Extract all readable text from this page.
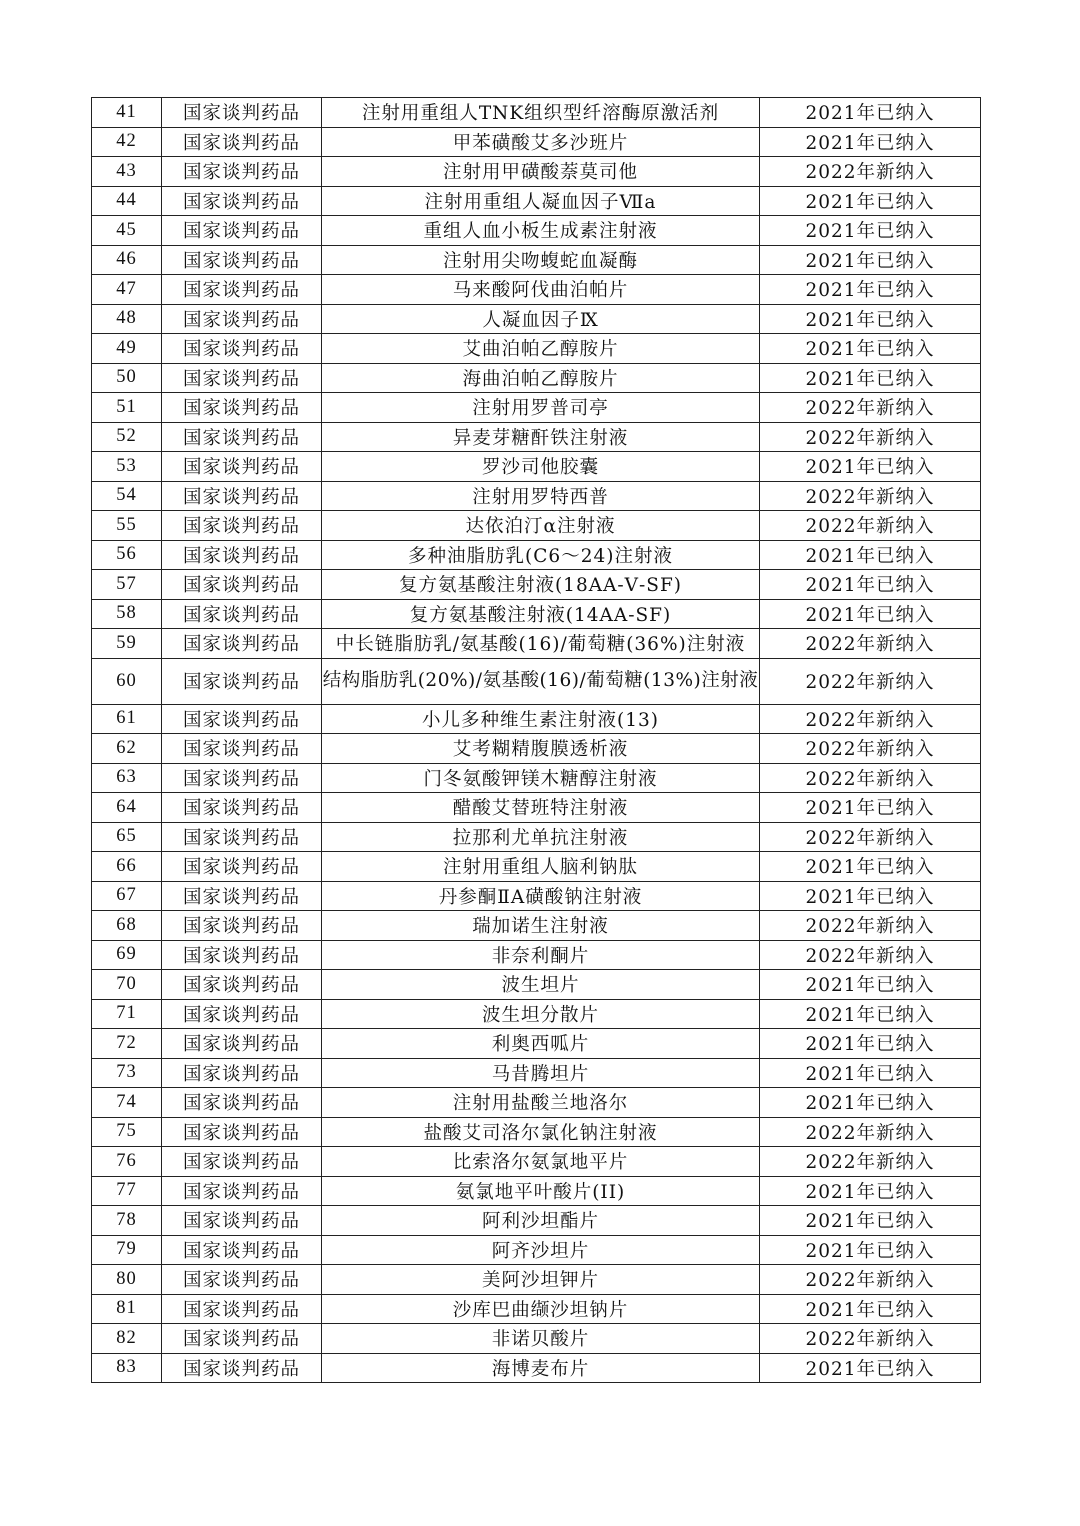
41	国家谈判药品	注射用重组人TNK组织型纤溶酶原激活剂	2021年已纳入
42	国家谈判药品	甲苯磺酸艾多沙班片	2021年已纳入
43	国家谈判药品	注射用甲磺酸萘莫司他	2022年新纳入
44	国家谈判药品	注射用重组人凝血因子Ⅶa	2021年已纳入
45	国家谈判药品	重组人血小板生成素注射液	2021年已纳入
46	国家谈判药品	注射用尖吻蝮蛇血凝酶	2021年已纳入
47	国家谈判药品	马来酸阿伐曲泊帕片	2021年已纳入
48	国家谈判药品	人凝血因子Ⅸ	2021年已纳入
49	国家谈判药品	艾曲泊帕乙醇胺片	2021年已纳入
50	国家谈判药品	海曲泊帕乙醇胺片	2021年已纳入
51	国家谈判药品	注射用罗普司亭	2022年新纳入
52	国家谈判药品	异麦芽糖酐铁注射液	2022年新纳入
53	国家谈判药品	罗沙司他胶囊	2021年已纳入
54	国家谈判药品	注射用罗特西普	2022年新纳入
55	国家谈判药品	达依泊汀α注射液	2022年新纳入
56	国家谈判药品	多种油脂肪乳(C6～24)注射液	2021年已纳入
57	国家谈判药品	复方氨基酸注射液(18AA-Ⅴ-SF)	2021年已纳入
58	国家谈判药品	复方氨基酸注射液(14AA-SF)	2021年已纳入
59	国家谈判药品	中长链脂肪乳/氨基酸(16)/葡萄糖(36%)注射液	2022年新纳入
60	国家谈判药品	结构脂肪乳(20%)/氨基酸(16)/葡萄糖(13%)注射液	2022年新纳入
61	国家谈判药品	小儿多种维生素注射液(13)	2022年新纳入
62	国家谈判药品	艾考糊精腹膜透析液	2022年新纳入
63	国家谈判药品	门冬氨酸钾镁木糖醇注射液	2022年新纳入
64	国家谈判药品	醋酸艾替班特注射液	2021年已纳入
65	国家谈判药品	拉那利尤单抗注射液	2022年新纳入
66	国家谈判药品	注射用重组人脑利钠肽	2021年已纳入
67	国家谈判药品	丹参酮ⅡA磺酸钠注射液	2021年已纳入
68	国家谈判药品	瑞加诺生注射液	2022年新纳入
69	国家谈判药品	非奈利酮片	2022年新纳入
70	国家谈判药品	波生坦片	2021年已纳入
71	国家谈判药品	波生坦分散片	2021年已纳入
72	国家谈判药品	利奥西呱片	2021年已纳入
73	国家谈判药品	马昔腾坦片	2021年已纳入
74	国家谈判药品	注射用盐酸兰地洛尔	2021年已纳入
75	国家谈判药品	盐酸艾司洛尔氯化钠注射液	2022年新纳入
76	国家谈判药品	比索洛尔氨氯地平片	2022年新纳入
77	国家谈判药品	氨氯地平叶酸片(II)	2021年已纳入
78	国家谈判药品	阿利沙坦酯片	2021年已纳入
79	国家谈判药品	阿齐沙坦片	2021年已纳入
80	国家谈判药品	美阿沙坦钾片	2022年新纳入
81	国家谈判药品	沙库巴曲缬沙坦钠片	2021年已纳入
82	国家谈判药品	非诺贝酸片	2022年新纳入
83	国家谈判药品	海博麦布片	2021年已纳入
